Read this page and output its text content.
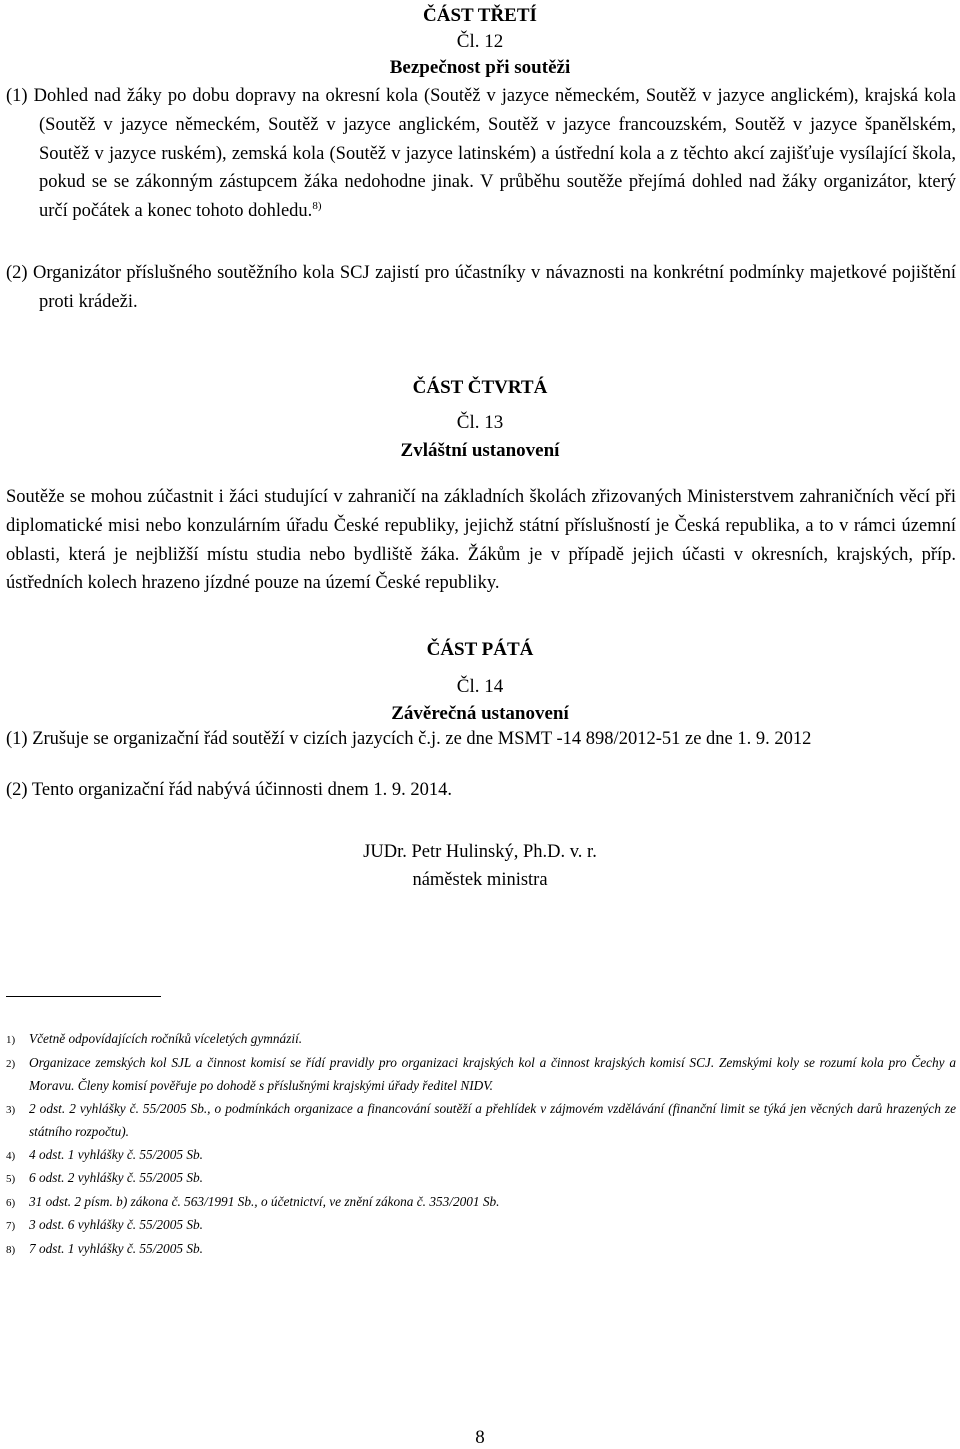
ČÁST TŘETÍ

Čl. 12

Bezpečnost při soutěži

(1) Dohled nad žáky po dobu dopravy na okresní kola (Soutěž v jazyce německém, Soutěž v jazyce anglickém), krajská kola (Soutěž v jazyce německém, Soutěž v jazyce anglickém, Soutěž v jazyce francouzském, Soutěž v jazyce španělském, Soutěž v jazyce ruském), zemská kola (Soutěž v jazyce latinském) a ústřední kola a z těchto akcí zajišťuje vysílající škola, pokud se se zákonným zástupcem žáka nedohodne jinak. V průběhu soutěže přejímá dohled nad žáky organizátor, který určí počátek a konec tohoto dohledu.$^{8)}$

(2) Organizátor příslušného soutěžního kola SCJ zajistí pro účastníky v návaznosti na konkrétní podmínky majetkové pojištění proti krádeži.

ČÁST ČTVRTÁ

Čl. 13

Zvláštní ustanovení

Soutěže se mohou zúčastnit i žáci studující v zahraničí na základních školách zřizovaných Ministerstvem zahraničních věcí při diplomatické misi nebo konzulárním úřadu České republiky, jejichž státní příslušností je Česká republika, a to v rámci územní oblasti, která je nejbližší místu studia nebo bydliště žáka. Žákům je v případě jejich účasti v okresních, krajských, příp. ústředních kolech hrazeno jízdné pouze na území České republiky.

ČÁST PÁTÁ

Čl. 14

Závěrečná ustanovení

(1) Zrušuje se organizační řád soutěží v cizích jazycích č.j. ze dne MSMT -14 898/2012-51 ze dne 1. 9. 2012

(2) Tento organizační řád nabývá účinnosti dnem 1. 9. 2014.

JUDr. Petr Hulinský, Ph.D. v. r.

náměstek ministra

1) Včetně odpovídajících ročníků víceletých gymnázií.
2) Organizace zemských kol SJL a činnost komisí se řídí pravidly pro organizaci krajských kol a činnost krajských komisí SCJ. Zemskými koly se rozumí kola pro Čechy a Moravu. Členy komisí pověřuje po dohodě s příslušnými krajskými úřady ředitel NIDV.
3) 2 odst. 2 vyhlášky č. 55/2005 Sb., o podmínkách organizace a financování soutěží a přehlídek v zájmovém vzdělávání (finanční limit se týká jen věcných darů hrazených ze státního rozpočtu).
4) 4 odst. 1 vyhlášky č. 55/2005 Sb.
5) 6 odst. 2 vyhlášky č. 55/2005 Sb.
6) 31 odst. 2 písm. b) zákona č. 563/1991 Sb., o účetnictví, ve znění zákona č. 353/2001 Sb.
7) 3 odst. 6 vyhlášky č. 55/2005 Sb.
8) 7 odst. 1 vyhlášky č. 55/2005 Sb.

8
